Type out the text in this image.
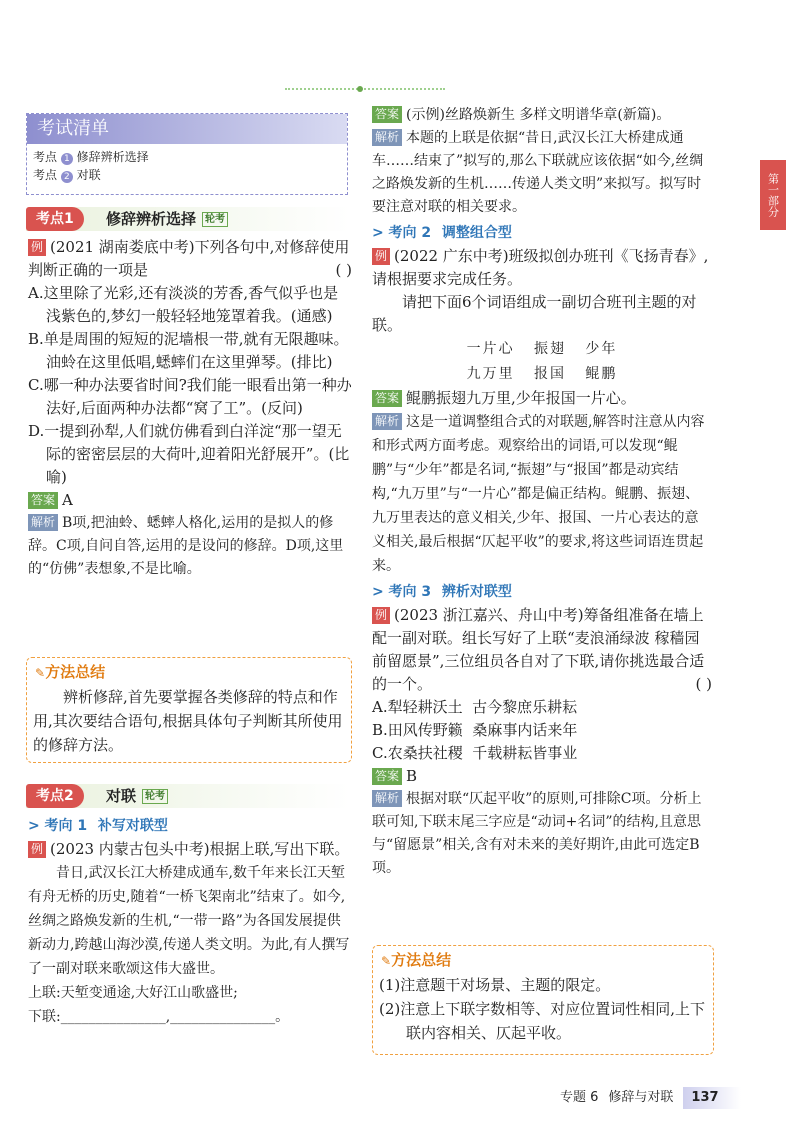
第一部分
考试清单
考点 1 修辞辨析选择
考点 2 对联
考点1	修辞辨析选择 轮考

例 (2021 湖南娄底中考)下列各句中,对修辞使用判断正确的一项是	( )

A.这里除了光彩,还有淡淡的芳香,香气似乎也是浅紫色的,梦幻一般轻轻地笼罩着我。(通感)

B.单是周围的短短的泥墙根一带,就有无限趣味。油蛉在这里低唱,蟋蟀们在这里弹琴。(排比)

C.哪一种办法要省时间?我们能一眼看出第一种办法好,后面两种办法都“窝了工”。(反问)

D.一提到孙犁,人们就仿佛看到白洋淀“那一望无际的密密层层的大荷叶,迎着阳光舒展开”。(比喻)

答案 A

解析 B项,把油蛉、蟋蟀人格化,运用的是拟人的修辞。C项,自问自答,运用的是设问的修辞。D项,这里的“仿佛”表想象,不是比喻。

✎方法总结

辨析修辞,首先要掌握各类修辞的特点和作用,其次要结合语句,根据具体句子判断其所使用的修辞方法。

考点2	对联 轮考

> 考向 1 补写对联型

例 (2023 内蒙古包头中考)根据上联,写出下联。

昔日,武汉长江大桥建成通车,数千年来长江天堑有舟无桥的历史,随着“一桥飞架南北”结束了。如今,丝绸之路焕发新的生机,“一带一路”为各国发展提供新动力,跨越山海沙漠,传递人类文明。为此,有人撰写了一副对联来歌颂这伟大盛世。

上联:天堑变通途,大好江山歌盛世;

下联:_______________,_______________。

答案 (示例)丝路焕新生 多样文明谱华章(新篇)。

解析 本题的上联是依据“昔日,武汉长江大桥建成通车……结束了”拟写的,那么下联就应该依据“如今,丝绸之路焕发新的生机……传递人类文明”来拟写。拟写时要注意对联的相关要求。

> 考向 2 调整组合型

例 (2022 广东中考)班级拟创办班刊《飞扬青春》,请根据要求完成任务。

请把下面6个词语组成一副切合班刊主题的对联。

一片心   振翅   少年

九万里   报国   鲲鹏

答案 鲲鹏振翅九万里,少年报国一片心。

解析 这是一道调整组合式的对联题,解答时注意从内容和形式两方面考虑。观察给出的词语,可以发现“鲲鹏”与“少年”都是名词,“振翅”与“报国”都是动宾结构,“九万里”与“一片心”都是偏正结构。鲲鹏、振翅、九万里表达的意义相关,少年、报国、一片心表达的意义相关,最后根据“仄起平收”的要求,将这些词语连贯起来。

> 考向 3 辨析对联型

例 (2023 浙江嘉兴、舟山中考)筹备组准备在墙上配一副对联。组长写好了上联“麦浪涌绿波 稼穑园前留愿景”,三位组员各自对了下联,请你挑选最合适的一个。	( )

A.犁轻耕沃土  古今黎庶乐耕耘

B.田风传野籁  桑麻事内话来年

C.农桑扶社稷  千载耕耘皆事业

答案 B

解析 根据对联“仄起平收”的原则,可排除C项。分析上联可知,下联末尾三字应是“动词+名词”的结构,且意思与“留愿景”相关,含有对未来的美好期许,由此可选定B项。

✎方法总结

(1)注意题干对场景、主题的限定。

(2)注意上下联字数相等、对应位置词性相同,上下联内容相关、仄起平收。

专题 6 修辞与对联	137
